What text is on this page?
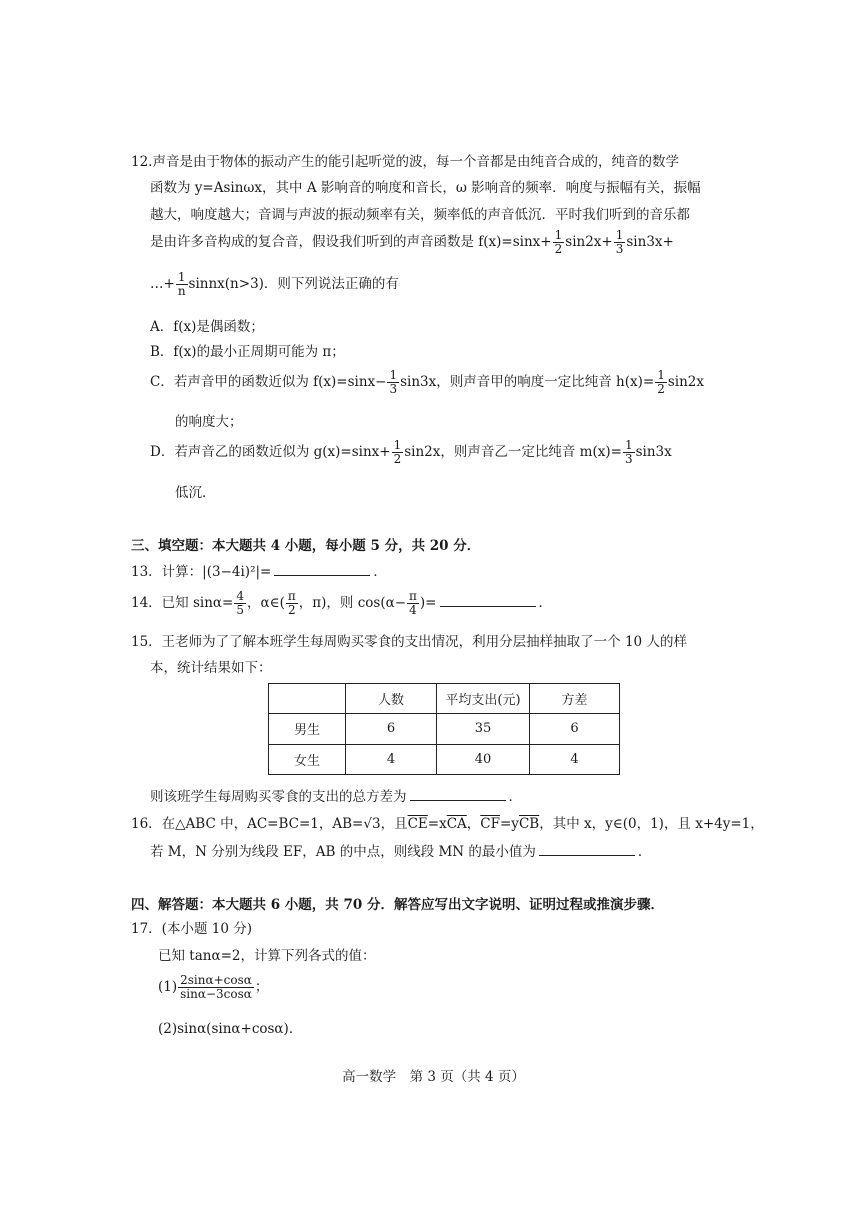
12.声音是由于物体的振动产生的能引起听觉的波，每一个音都是由纯音合成的，纯音的数学
函数为 y=Asinωx，其中 A 影响音的响度和音长，ω 影响音的频率．响度与振幅有关，振幅
越大，响度越大；音调与声波的振动频率有关，频率低的声音低沉．平时我们听到的音乐都
是由许多音构成的复合音，假设我们听到的声音函数是 $f(x)=\sin x+ \frac{1}{2} \sin 2x+ \frac{1}{3} \sin 3x+$
…+ $\frac{1}{n}$ sinnx(n>3)．则下列说法正确的有
A．f(x)是偶函数；
B．f(x)的最小正周期可能为 π；
C．若声音甲的函数近似为 $f(x)=\sin x- \frac{1}{3} \sin 3x$，则声音甲的响度一定比纯音 $h(x)= \frac{1}{2} \sin 2x$
的响度大；
D．若声音乙的函数近似为 $g(x)=\sin x+ \frac{1}{2} \sin 2x$，则声音乙一定比纯音 $m(x)= \frac{1}{3} \sin 3x$
低沉．
三、填空题：本大题共 4 小题，每小题 5 分，共 20 分．
13．计算：|(3−4i)²|=	．
14．已知 $\sin\alpha= \frac{4}{5}$ ，α∈( $\frac{\pi}{2}$ ，π)，则 $\cos(\alpha- \frac{\pi}{4}$ )=	．
15．王老师为了了解本班学生每周购买零食的支出情况，利用分层抽样抽取了一个 10 人的样
本，统计结果如下：
	人数	平均支出(元)	方差
男生	6	35	6
女生	4	40	4
则该班学生每周购买零食的支出的总方差为	．
16．在△ABC 中，AC=BC=1，AB=√3，且$\overline{CE}=x\overline{CA}$，$\overline{CF}=y\overline{CB}$，其中 x，y∈(0，1)，且 x+4y=1，
若 M，N 分别为线段 EF，AB 的中点，则线段 MN 的最小值为	．
四、解答题：本大题共 6 小题，共 70 分．解答应写出文字说明、证明过程或推演步骤．
17．(本小题 10 分)
已知 tanα=2，计算下列各式的值：
$(1) \frac{2\sin\alpha+\cos\alpha}{\sin\alpha-3\cos\alpha}$ ；
(2)sinα(sinα+cosα)．
高一数学　第 3 页（共 4 页）
